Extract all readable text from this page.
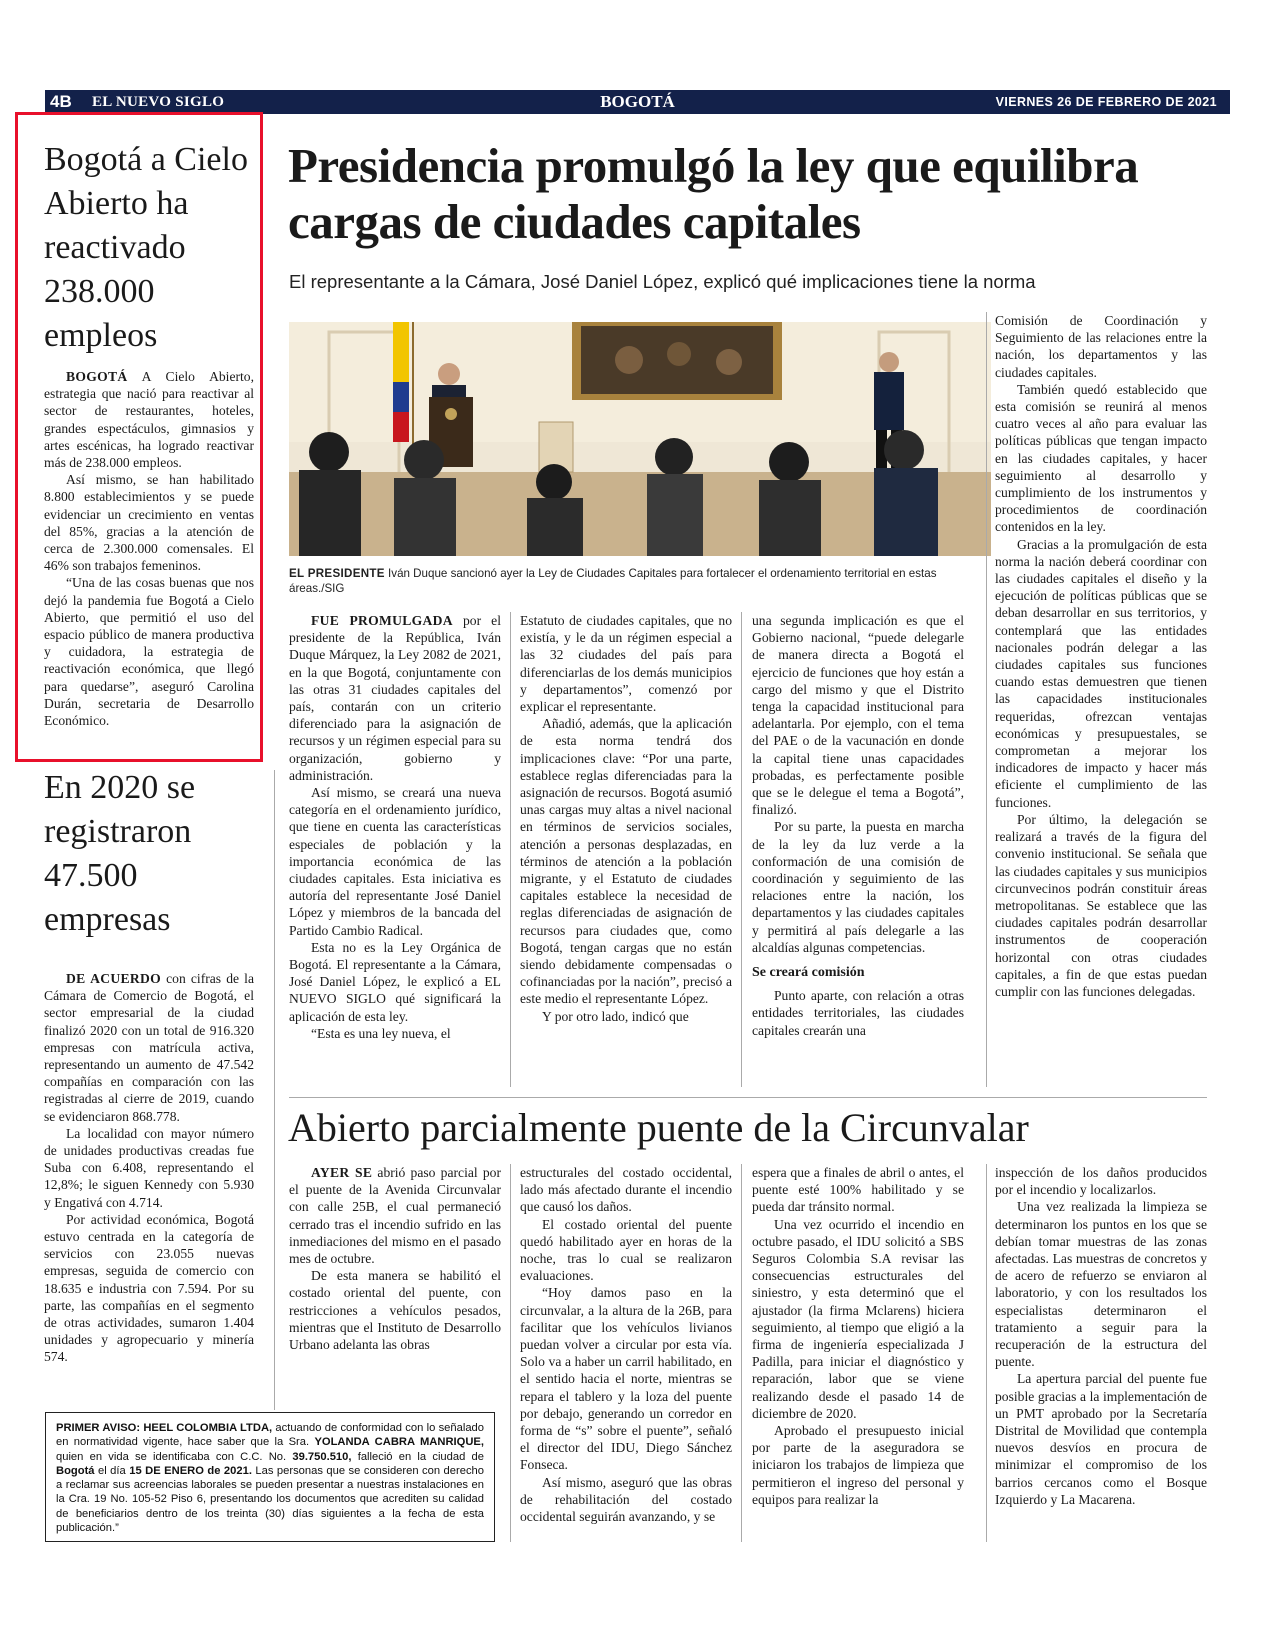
4B EL NUEVO SIGLO	BOGOTÁ	VIERNES 26 DE FEBRERO DE 2021
Bogotá a Cielo Abierto ha reactivado 238.000 empleos

BOGOTÁ A Cielo Abierto, estrategia que nació para reactivar al sector de restaurantes, hoteles, grandes espectáculos, gimnasios y artes escénicas, ha logrado reactivar más de 238.000 empleos.

Así mismo, se han habilitado 8.800 establecimientos y se puede evidenciar un crecimiento en ventas del 85%, gracias a la atención de cerca de 2.300.000 comensales. El 46% son trabajos femeninos.

“Una de las cosas buenas que nos dejó la pandemia fue Bogotá a Cielo Abierto, que permitió el uso del espacio público de manera productiva y cuidadora, la estrategia de reactivación económica, que llegó para quedarse”, aseguró Carolina Durán, secretaria de Desarrollo Económico.

En 2020 se registraron 47.500 empresas

DE ACUERDO con cifras de la Cámara de Comercio de Bogotá, el sector empresarial de la ciudad finalizó 2020 con un total de 916.320 empresas con matrícula activa, representando un aumento de 47.542 compañías en comparación con las registradas al cierre de 2019, cuando se evidenciaron 868.778.

La localidad con mayor número de unidades productivas creadas fue Suba con 6.408, representando el 12,8%; le siguen Kennedy con 5.930 y Engativá con 4.714.

Por actividad económica, Bogotá estuvo centrada en la categoría de servicios con 23.055 nuevas empresas, seguida de comercio con 18.635 e industria con 7.594. Por su parte, las compañías en el segmento de otras actividades, sumaron 1.404 unidades y agropecuario y minería 574.

Presidencia promulgó la ley que equilibra cargas de ciudades capitales
El representante a la Cámara, José Daniel López, explicó qué implicaciones tiene la norma
EL PRESIDENTE Iván Duque sancionó ayer la Ley de Ciudades Capitales para fortalecer el ordenamiento territorial en estas áreas./SIG

FUE PROMULGADA por el presidente de la República, Iván Duque Márquez, la Ley 2082 de 2021, en la que Bogotá, conjuntamente con las otras 31 ciudades capitales del país, contarán con un criterio diferenciado para la asignación de recursos y un régimen especial para su organización, gobierno y administración.

Así mismo, se creará una nueva categoría en el ordenamiento jurídico, que tiene en cuenta las características especiales de población y la importancia económica de las ciudades capitales. Esta iniciativa es autoría del representante José Daniel López y miembros de la bancada del Partido Cambio Radical.

Esta no es la Ley Orgánica de Bogotá. El representante a la Cámara, José Daniel López, le explicó a EL NUEVO SIGLO qué significará la aplicación de esta ley.

“Esta es una ley nueva, el

Estatuto de ciudades capitales, que no existía, y le da un régimen especial a las 32 ciudades del país para diferenciarlas de los demás municipios y departamentos”, comenzó por explicar el representante.

Añadió, además, que la aplicación de esta norma tendrá dos implicaciones clave: “Por una parte, establece reglas diferenciadas para la asignación de recursos. Bogotá asumió unas cargas muy altas a nivel nacional en términos de servicios sociales, atención a personas desplazadas, en términos de atención a la población migrante, y el Estatuto de ciudades capitales establece la necesidad de reglas diferenciadas de asignación de recursos para ciudades que, como Bogotá, tengan cargas que no están siendo debidamente compensadas o cofinanciadas por la nación”, precisó a este medio el representante López.

Y por otro lado, indicó que

una segunda implicación es que el Gobierno nacional, “puede delegarle de manera directa a Bogotá el ejercicio de funciones que hoy están a cargo del mismo y que el Distrito tenga la capacidad institucional para adelantarla. Por ejemplo, con el tema del PAE o de la vacunación en donde la capital tiene unas capacidades probadas, es perfectamente posible que se le delegue el tema a Bogotá”, finalizó.

Por su parte, la puesta en marcha de la ley da luz verde a la conformación de una comisión de coordinación y seguimiento de las relaciones entre la nación, los departamentos y las ciudades capitales y permitirá al país delegarle a las alcaldías algunas competencias.

Se creará comisión

Punto aparte, con relación a otras entidades territoriales, las ciudades capitales crearán una

Comisión de Coordinación y Seguimiento de las relaciones entre la nación, los departamentos y las ciudades capitales.

También quedó establecido que esta comisión se reunirá al menos cuatro veces al año para evaluar las políticas públicas que tengan impacto en las ciudades capitales, y hacer seguimiento al desarrollo y cumplimiento de los instrumentos y procedimientos de coordinación contenidos en la ley.

Gracias a la promulgación de esta norma la nación deberá coordinar con las ciudades capitales el diseño y la ejecución de políticas públicas que se deban desarrollar en sus territorios, y contemplará que las entidades nacionales podrán delegar a las ciudades capitales sus funciones cuando estas demuestren que tienen las capacidades institucionales requeridas, ofrezcan ventajas económicas y presupuestales, se comprometan a mejorar los indicadores de impacto y hacer más eficiente el cumplimiento de las funciones.

Por último, la delegación se realizará a través de la figura del convenio institucional. Se señala que las ciudades capitales y sus municipios circunvecinos podrán constituir áreas metropolitanas. Se establece que las ciudades capitales podrán desarrollar instrumentos de cooperación horizontal con otras ciudades capitales, a fin de que estas puedan cumplir con las funciones delegadas.

Abierto parcialmente puente de la Circunvalar

AYER SE abrió paso parcial por el puente de la Avenida Circunvalar con calle 25B, el cual permaneció cerrado tras el incendio sufrido en las inmediaciones del mismo en el pasado mes de octubre.

De esta manera se habilitó el costado oriental del puente, con restricciones a vehículos pesados, mientras que el Instituto de Desarrollo Urbano adelanta las obras

estructurales del costado occidental, lado más afectado durante el incendio que causó los daños.

El costado oriental del puente quedó habilitado ayer en horas de la noche, tras lo cual se realizaron evaluaciones.

“Hoy damos paso en la circunvalar, a la altura de la 26B, para facilitar que los vehículos livianos puedan volver a circular por esta vía. Solo va a haber un carril habilitado, en el sentido hacia el norte, mientras se repara el tablero y la loza del puente por debajo, generando un corredor en forma de “s” sobre el puente”, señaló el director del IDU, Diego Sánchez Fonseca.

Así mismo, aseguró que las obras de rehabilitación del costado occidental seguirán avanzando, y se

espera que a finales de abril o antes, el puente esté 100% habilitado y se pueda dar tránsito normal.

Una vez ocurrido el incendio en octubre pasado, el IDU solicitó a SBS Seguros Colombia S.A revisar las consecuencias estructurales del siniestro, y esta determinó que el ajustador (la firma Mclarens) hiciera seguimiento, al tiempo que eligió a la firma de ingeniería especializada J Padilla, para iniciar el diagnóstico y reparación, labor que se viene realizando desde el pasado 14 de diciembre de 2020.

Aprobado el presupuesto inicial por parte de la aseguradora se iniciaron los trabajos de limpieza que permitieron el ingreso del personal y equipos para realizar la

inspección de los daños producidos por el incendio y localizarlos.

Una vez realizada la limpieza se determinaron los puntos en los que se debían tomar muestras de las zonas afectadas. Las muestras de concretos y de acero de refuerzo se enviaron al laboratorio, y con los resultados los especialistas determinaron el tratamiento a seguir para la recuperación de la estructura del puente.

La apertura parcial del puente fue posible gracias a la implementación de un PMT aprobado por la Secretaría Distrital de Movilidad que contempla nuevos desvíos en procura de minimizar el compromiso de los barrios cercanos como el Bosque Izquierdo y La Macarena.

PRIMER AVISO: HEEL COLOMBIA LTDA, actuando de conformidad con lo señalado en normatividad vigente, hace saber que la Sra. YOLANDA CABRA MANRIQUE, quien en vida se identificaba con C.C. No. 39.750.510, falleció en la ciudad de Bogotá el día 15 DE ENERO de 2021. Las personas que se consideren con derecho a reclamar sus acreencias laborales se pueden presentar a nuestras instalaciones en la Cra. 19 No. 105-52 Piso 6, presentando los documentos que acrediten su calidad de beneficiarios dentro de los treinta (30) días siguientes a la fecha de esta publicación.”
